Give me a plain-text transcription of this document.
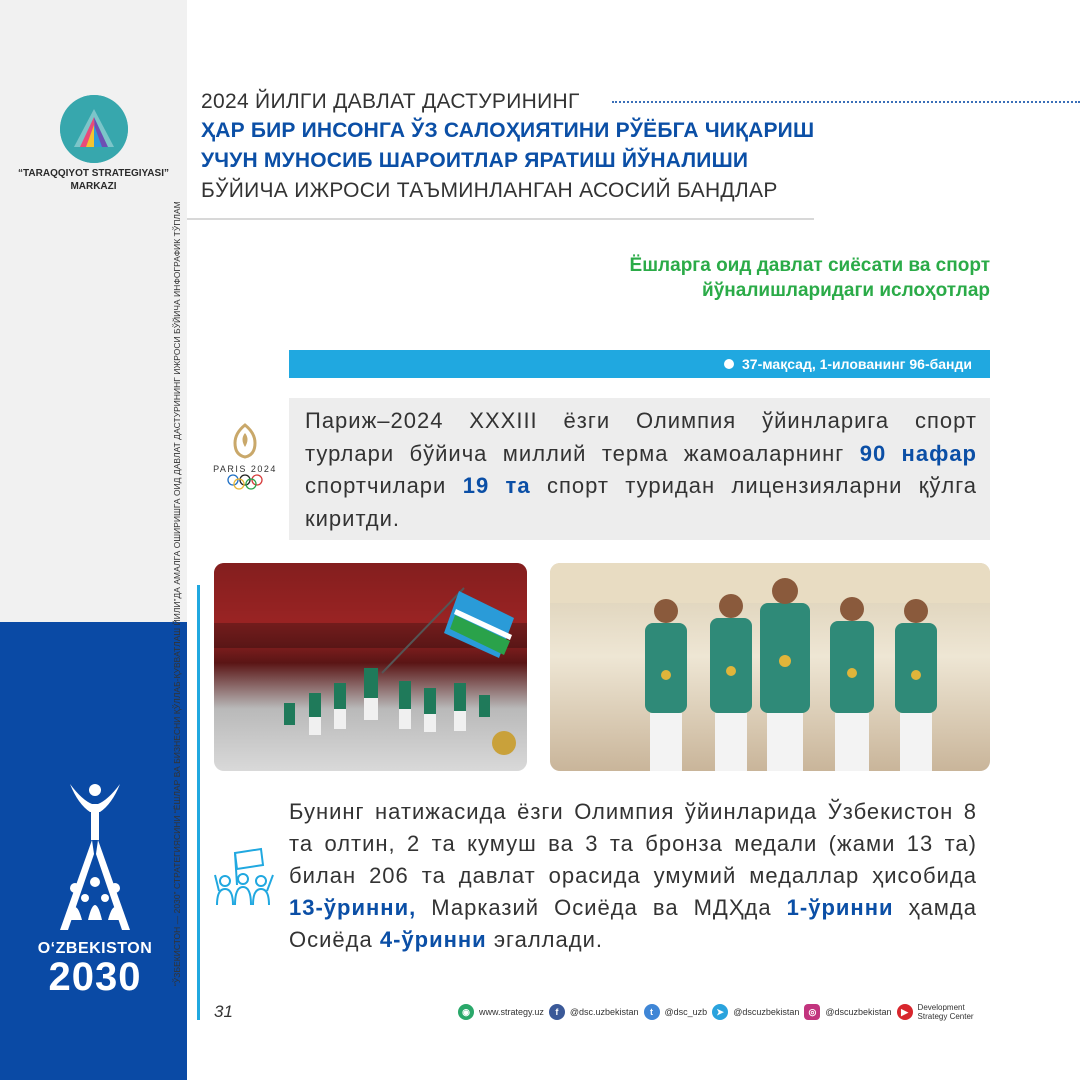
“TARAQQIYOT STRATEGIYASI”
MARKAZI
“ЎЗБЕКИСТОН — 2030” СТРАТЕГИЯСИНИ “ЁШЛАР ВА БИЗНЕСНИ ҚЎЛЛАБ-ҚУВВАТЛАШ ЙИЛИ”ДА АМАЛГА ОШИРИШГА ОИД ДАВЛАТ ДАСТУРИНИНГ ИЖРОСИ БЎЙИЧА ИНФОГРАФИК ТЎПЛАМ
O‘ZBEKISTON
2030
2024 ЙИЛГИ ДАВЛАТ ДАСТУРИНИНГ
ҲАР БИР ИНСОНГА ЎЗ САЛОҲИЯТИНИ РЎЁБГА ЧИҚАРИШ
УЧУН МУНОСИБ ШАРОИТЛАР ЯРАТИШ ЙЎНАЛИШИ
БЎЙИЧА ИЖРОСИ ТАЪМИНЛАНГАН АСОСИЙ БАНДЛАР
Ёшларга оид давлат сиёсати ва спорт
йўналишларидаги ислоҳотлар
37-мақсад, 1-илованинг 96-банди
PARIS 2024
Париж–2024 XXXIII ёзги Олимпия ўйинларига спорт турлари бўйича миллий терма жамоаларнинг 90 нафар спортчилари 19 та спорт туридан лицензияларни қўлга киритди.
Бунинг натижасида ёзги Олимпия ўйинларида Ўзбекистон 8 та олтин, 2 та кумуш ва 3 та бронза медали (жами 13 та) билан 206 та давлат орасида умумий медаллар ҳисобида 13-ўринни, Марказий Осиёда ва МДҲда 1-ўринни ҳамда Осиёда 4-ўринни эгаллади.
31	◉	www.strategy.uz	f	@dsc.uzbekistan	t	@dsc_uzb	➤	@dscuzbekistan	◎	@dscuzbekistan	▶	Development
Strategy Center
